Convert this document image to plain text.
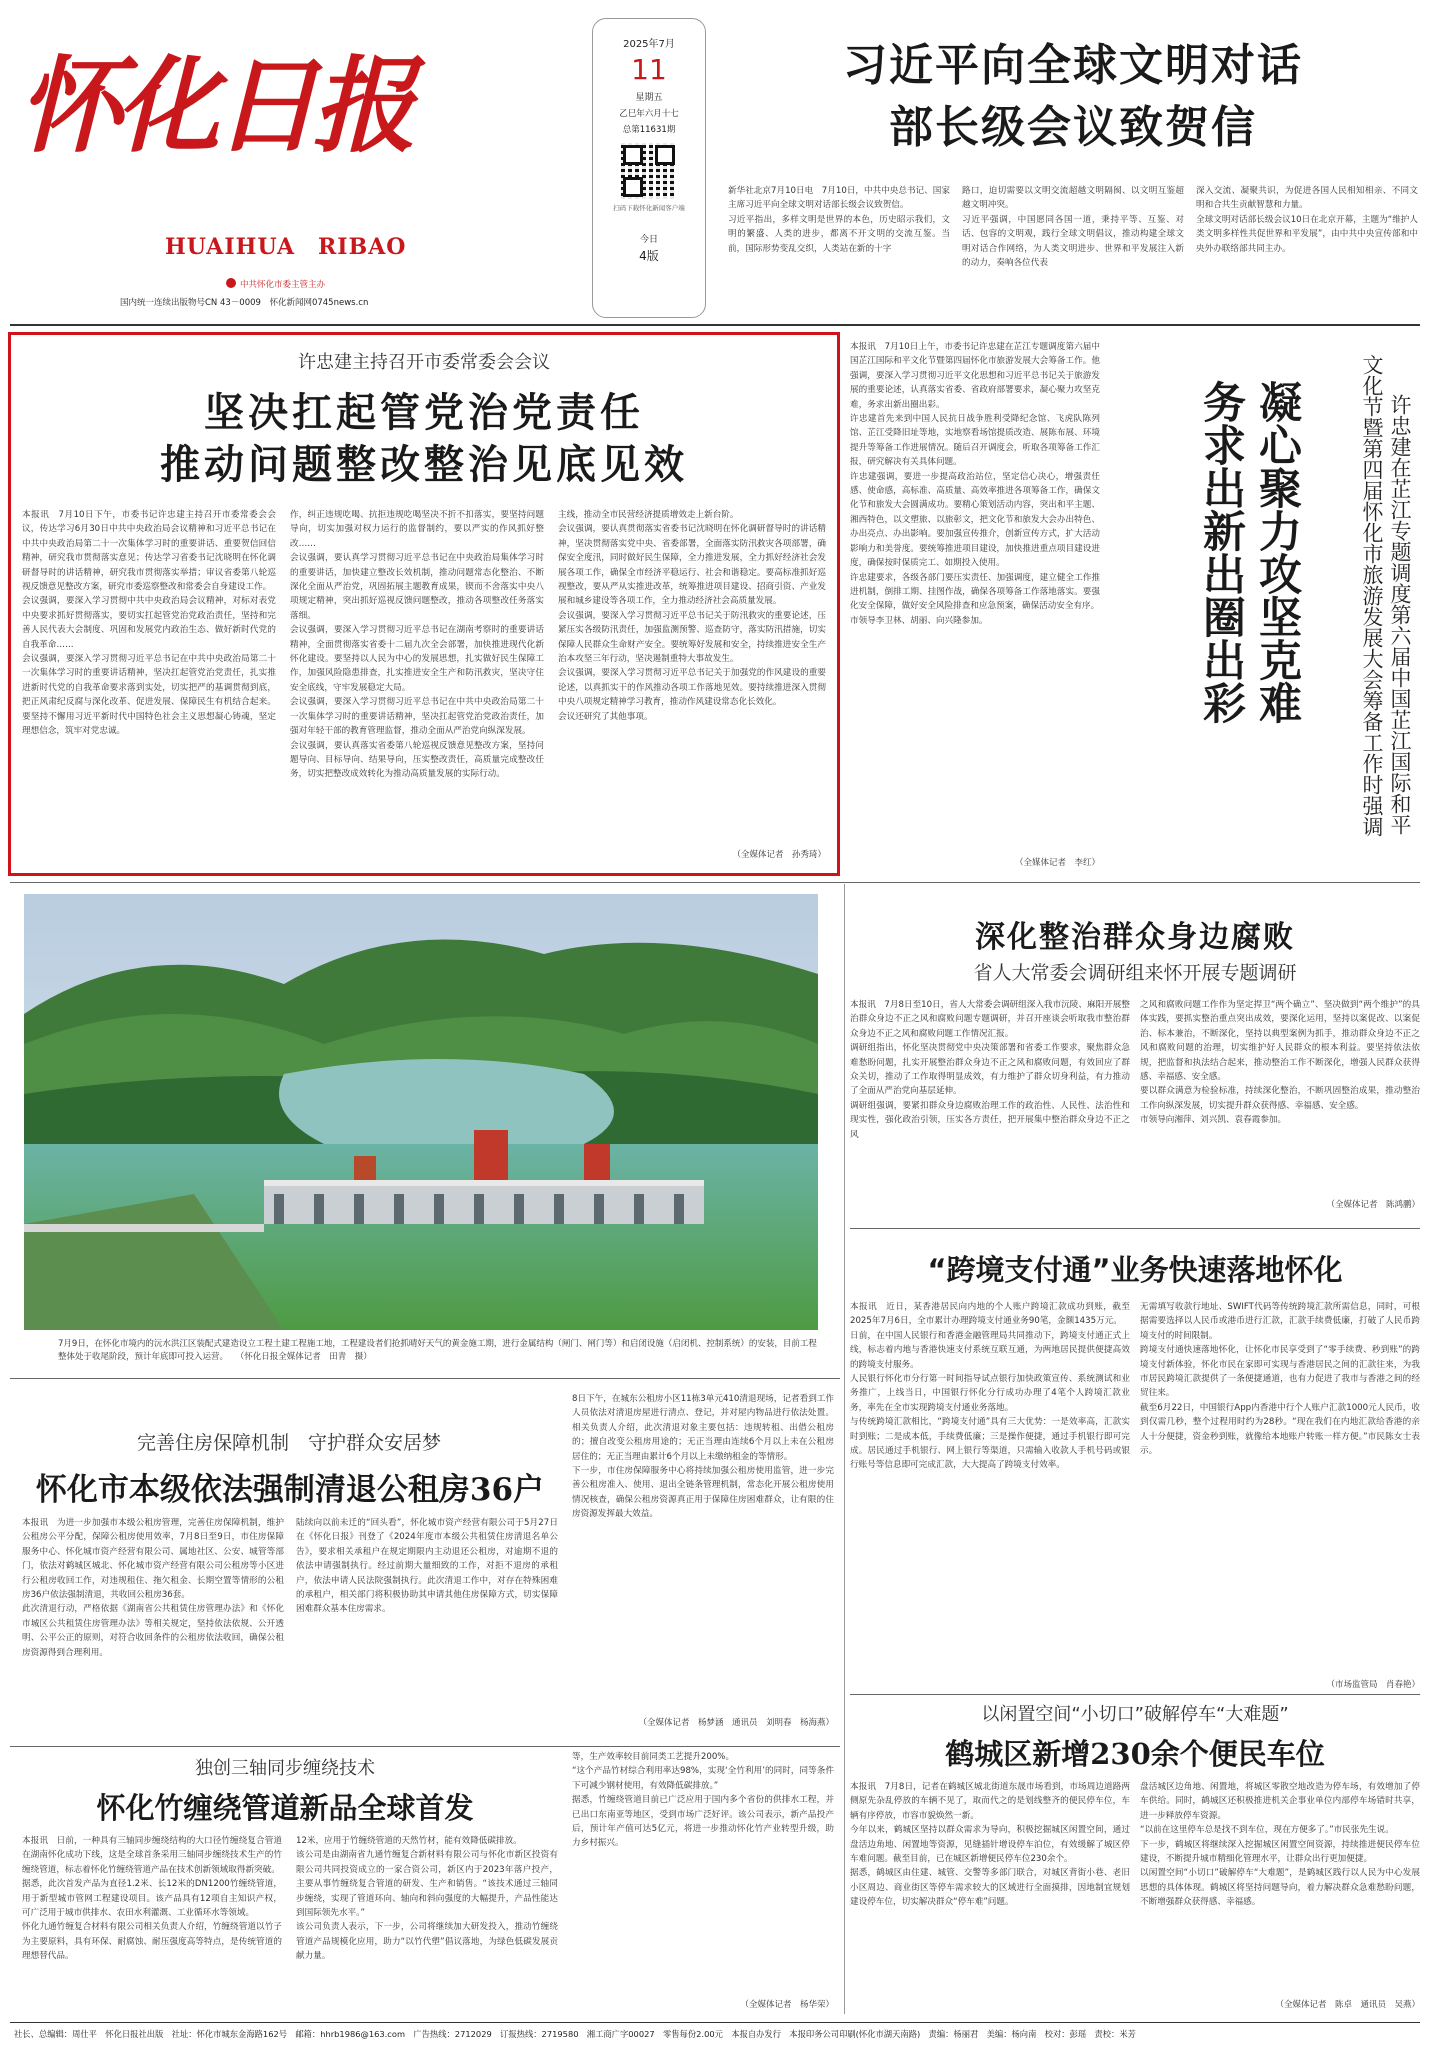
怀化日报
HUAIHUA　RIBAO
中共怀化市委主管主办
国内统一连续出版物号CN 43－0009　怀化新闻网0745news.cn
2025年7月
11
星期五
乙巳年六月十七
总第11631期
扫码下载怀化新闻客户端
今日
4版
习近平向全球文明对话
部长级会议致贺信
新华社北京7月10日电　7月10日，中共中央总书记、国家主席习近平向全球文明对话部长级会议致贺信。
习近平指出，多样文明是世界的本色，历史昭示我们，文明的繁盛、人类的进步，都离不开文明的交流互鉴。当前，国际形势变乱交织，人类站在新的十字
路口，迫切需要以文明交流超越文明隔阂、以文明互鉴超越文明冲突。
习近平强调，中国愿同各国一道，秉持平等、互鉴、对话、包容的文明观，践行全球文明倡议，推动构建全球文明对话合作网络，为人类文明进步、世界和平发展注入新的动力，奏响各位代表
深入交流、凝聚共识，为促进各国人民相知相亲、不同文明和合共生贡献智慧和力量。
全球文明对话部长级会议10日在北京开幕，主题为“维护人类文明多样性共促世界和平发展”，由中共中央宣传部和中央外办联络部共同主办。
许忠建主持召开市委常委会会议
坚决扛起管党治党责任
推动问题整改整治见底见效
本报讯　7月10日下午，市委书记许忠建主持召开市委常委会会议，传达学习6月30日中共中央政治局会议精神和习近平总书记在中共中央政治局第二十一次集体学习时的重要讲话、重要贺信回信精神，研究我市贯彻落实意见；传达学习省委书记沈晓明在怀化调研督导时的讲话精神，研究我市贯彻落实举措；审议省委第八轮巡视反馈意见整改方案，研究市委巡察整改和常委会自身建设工作。
会议强调，要深入学习贯彻中共中央政治局会议精神，对标对表党中央要求抓好贯彻落实，要切实扛起管党治党政治责任，坚持和完善人民代表大会制度、巩固和发展党内政治生态、做好新时代党的自我革命……
会议强调，要深入学习贯彻习近平总书记在中共中央政治局第二十一次集体学习时的重要讲话精神，坚决扛起管党治党责任，扎实推进新时代党的自我革命要求落到实处，切实把严的基调贯彻到底，把正风肃纪反腐与深化改革、促进发展、保障民生有机结合起来。要坚持不懈用习近平新时代中国特色社会主义思想凝心铸魂，坚定理想信念，筑牢对党忠诚。
作，纠正违规吃喝、抗拒违规吃喝坚决不折不扣落实，要坚持问题导向，切实加强对权力运行的监督制约，要以严实的作风抓好整改……
会议强调，要认真学习贯彻习近平总书记在中央政治局集体学习时的重要讲话，加快建立整改长效机制，推动问题常态化整治、不断深化全面从严治党，巩固拓展主题教育成果，锲而不舍落实中央八项规定精神，突出抓好巡视反馈问题整改，推动各项整改任务落实落细。
会议强调，要深入学习贯彻习近平总书记在湖南考察时的重要讲话精神，全面贯彻落实省委十二届九次全会部署，加快推进现代化新怀化建设。要坚持以人民为中心的发展思想，扎实做好民生保障工作，加强风险隐患排查，扎实推进安全生产和防汛救灾，坚决守住安全底线，守牢发展稳定大局。
会议强调，要深入学习贯彻习近平总书记在中共中央政治局第二十一次集体学习时的重要讲话精神，坚决扛起管党治党政治责任，加强对年轻干部的教育管理监督，推动全面从严治党向纵深发展。
会议强调，要认真落实省委第八轮巡视反馈意见整改方案，坚持问题导向、目标导向、结果导向，压实整改责任，高质量完成整改任务，切实把整改成效转化为推动高质量发展的实际行动。
主线，推动全市民营经济提质增效走上新台阶。
会议强调，要认真贯彻落实省委书记沈晓明在怀化调研督导时的讲话精神，坚决贯彻落实党中央、省委部署，全面落实防汛救灾各项部署，确保安全度汛，同时做好民生保障，全力推进发展，全力抓好经济社会发展各项工作，确保全市经济平稳运行、社会和谐稳定。要高标准抓好巡视整改，要从严从实推进改革，统筹推进项目建设、招商引资、产业发展和城乡建设等各项工作，全力推动经济社会高质量发展。
会议强调，要深入学习贯彻习近平总书记关于防汛救灾的重要论述，压紧压实各级防汛责任，加强监测预警、巡查防守，落实防汛措施，切实保障人民群众生命财产安全。要统筹好发展和安全，持续推进安全生产治本攻坚三年行动，坚决遏制重特大事故发生。
会议强调，要深入学习贯彻习近平总书记关于加强党的作风建设的重要论述，以真抓实干的作风推动各项工作落地见效。要持续推进深入贯彻中央八项规定精神学习教育，推动作风建设常态化长效化。
会议还研究了其他事项。
（全媒体记者　孙秀琦）
本报讯　7月10日上午，市委书记许忠建在芷江专题调度第六届中国芷江国际和平文化节暨第四届怀化市旅游发展大会筹备工作。他强调，要深入学习贯彻习近平文化思想和习近平总书记关于旅游发展的重要论述，认真落实省委、省政府部署要求，凝心聚力攻坚克难，务求出新出圈出彩。
许忠建首先来到中国人民抗日战争胜利受降纪念馆、飞虎队陈列馆、芷江受降旧址等地，实地察看场馆提质改造、展陈布展、环境提升等筹备工作进展情况。随后召开调度会，听取各项筹备工作汇报，研究解决有关具体问题。
许忠建强调，要进一步提高政治站位，坚定信心决心，增强责任感、使命感，高标准、高质量、高效率推进各项筹备工作，确保文化节和旅发大会圆满成功。要精心策划活动内容，突出和平主题、湘西特色，以文塑旅、以旅彰文，把文化节和旅发大会办出特色、办出亮点、办出影响。要加强宣传推介，创新宣传方式，扩大活动影响力和美誉度。要统筹推进项目建设，加快推进重点项目建设进度，确保按时保质完工、如期投入使用。
许忠建要求，各级各部门要压实责任、加强调度，建立健全工作推进机制，倒排工期、挂图作战，确保各项筹备工作落地落实。要强化安全保障，做好安全风险排查和应急预案，确保活动安全有序。
市领导李卫林、胡丽、向兴隆参加。
（全媒体记者　李红）
凝心聚力攻坚克难
务求出新出圈出彩	许忠建在芷江专题调度第六届中国芷江国际和平
文化节暨第四届怀化市旅游发展大会筹备工作时强调
7月9日，在怀化市境内的沅水洪江区装配式建造设立工程土建工程施工地，工程建设者们抢抓晴好天气的黄金施工期，进行金属结构（闸门、闸门等）和启闭设施（启闭机、控制系统）的安装，目前工程整体处于收尾阶段，预计年底即可投入运营。 （怀化日报全媒体记者　田青　摄）
深化整治群众身边腐败
省人大常委会调研组来怀开展专题调研
本报讯　7月8日至10日，省人大常委会调研组深入我市沅陵、麻阳开展整治群众身边不正之风和腐败问题专题调研，并召开座谈会听取我市整治群众身边不正之风和腐败问题工作情况汇报。
调研组指出，怀化坚决贯彻党中央决策部署和省委工作要求，聚焦群众急难愁盼问题，扎实开展整治群众身边不正之风和腐败问题，有效回应了群众关切，推动了工作取得明显成效，有力维护了群众切身利益，有力推动了全面从严治党向基层延伸。
调研组强调，要紧扣群众身边腐败治理工作的政治性、人民性、法治性和现实性，强化政治引领，压实各方责任，把开展集中整治群众身边不正之风
之风和腐败问题工作作为坚定捍卫“两个确立”、坚决做到“两个维护”的具体实践，要抓实整治重点突出成效，要深化运用，坚持以案促改、以案促治、标本兼治，不断深化，坚持以典型案例为抓手，推动群众身边不正之风和腐败问题的治理，切实维护好人民群众的根本利益。要坚持依法依规，把监督和执法结合起来，推动整治工作不断深化，增强人民群众获得感、幸福感、安全感。
要以群众满意为检验标准，持续深化整治，不断巩固整治成果，推动整治工作向纵深发展，切实提升群众获得感、幸福感、安全感。
市领导向湘萍、刘兴凯、袁春霞参加。
（全媒体记者　陈鸿鹏）
“跨境支付通”业务快速落地怀化
本报讯　近日，某香港居民向内地的个人账户跨境汇款成功到账，截至2025年7月6日，全市累计办理跨境支付通业务90笔，金额1435万元。
日前，在中国人民银行和香港金融管理局共同推动下，跨境支付通正式上线，标志着内地与香港快速支付系统互联互通，为两地居民提供便捷高效的跨境支付服务。
人民银行怀化市分行第一时间指导试点银行加快政策宣传、系统测试和业务推广，上线当日，中国银行怀化分行成功办理了4笔个人跨境汇款业务，率先在全市实现跨境支付通业务落地。
与传统跨境汇款相比，“跨境支付通”具有三大优势：一是效率高，汇款实时到账；二是成本低，手续费低廉；三是操作便捷，通过手机银行即可完成。居民通过手机银行、网上银行等渠道，只需输入收款人手机号码或银行账号等信息即可完成汇款，大大提高了跨境支付效率。
无需填写收款行地址、SWIFT代码等传统跨境汇款所需信息，同时，可根据需要选择以人民币或港币进行汇款，汇款手续费低廉，打破了人民币跨境支付的时间限制。
跨境支付通快速落地怀化，让怀化市民享受到了“零手续费、秒到账”的跨境支付新体验，怀化市民在家即可实现与香港居民之间的汇款往来，为我市居民跨境汇款提供了一条便捷通道，也有力促进了我市与香港之间的经贸往来。
截至6月22日，中国银行App内香港中行个人账户汇款1000元人民币，收到仅需几秒，整个过程用时约为28秒。“现在我们在内地汇款给香港的亲人十分便捷，资金秒到账，就像给本地账户转账一样方便。”市民陈女士表示。
（市场监管局　肖春艳）
完善住房保障机制　守护群众安居梦
怀化市本级依法强制清退公租房36户
本报讯　为进一步加强市本级公租房管理，完善住房保障机制，维护公租房公平分配，保障公租房使用效率，7月8日至9日，市住房保障服务中心、怀化城市资产经营有限公司、属地社区、公安、城管等部门，依法对鹤城区城北、怀化城市资产经营有限公司公租房等小区进行公租房收回工作，对违规租住、拖欠租金、长期空置等情形的公租房36户依法强制清退，共收回公租房36套。
此次清退行动，严格依据《湖南省公共租赁住房管理办法》和《怀化市城区公共租赁住房管理办法》等相关规定，坚持依法依规、公开透明、公平公正的原则，对符合收回条件的公租房依法收回，确保公租房资源得到合理利用。
陆续向以前未迁的“回头看”，怀化城市资产经营有限公司于5月27日在《怀化日报》刊登了《2024年度市本级公共租赁住房清退名单公告》，要求相关承租户在规定期限内主动退还公租房，对逾期不退的依法申请强制执行。经过前期大量细致的工作，对拒不退房的承租户，依法申请人民法院强制执行。此次清退工作中，对存在特殊困难的承租户，相关部门将积极协助其申请其他住房保障方式，切实保障困难群众基本住房需求。
8日下午，在城东公租房小区11栋3单元410清退现场，记者看到工作人员依法对清退房屋进行清点、登记，并对屋内物品进行依法处置。相关负责人介绍，此次清退对象主要包括：违规转租、出借公租房的；擅自改变公租房用途的；无正当理由连续6个月以上未在公租房居住的；无正当理由累计6个月以上未缴纳租金的等情形。
下一步，市住房保障服务中心将持续加强公租房使用监管，进一步完善公租房准入、使用、退出全链条管理机制，常态化开展公租房使用情况核查，确保公租房资源真正用于保障住房困难群众，让有限的住房资源发挥最大效益。
（全媒体记者　杨梦涵　通讯员　刘明春　杨海燕）
独创三轴同步缠绕技术
怀化竹缠绕管道新品全球首发
本报讯　日前，一种具有三轴同步缠绕结构的大口径竹缠绕复合管道在湖南怀化成功下线，这是全球首条采用三轴同步缠绕技术生产的竹缠绕管道，标志着怀化竹缠绕管道产品在技术创新领域取得新突破。
据悉，此次首发产品为直径1.2米、长12米的DN1200竹缠绕管道，用于新型城市管网工程建设项目。该产品具有12项自主知识产权，可广泛用于城市供排水、农田水利灌溉、工业循环水等领域。
怀化九通竹缠复合材料有限公司相关负责人介绍，竹缠绕管道以竹子为主要原料，具有环保、耐腐蚀、耐压强度高等特点，是传统管道的理想替代品。
12米，应用于竹缠绕管道的天然竹材，能有效降低碳排放。
该公司是由湖南省九通竹缠复合新材料有限公司与怀化市新区投资有限公司共同投资成立的一家合资公司，新区内于2023年落户投产，主要从事竹缠绕复合管道的研发、生产和销售。“该技术通过三轴同步缠绕，实现了管道环向、轴向和斜向强度的大幅提升，产品性能达到国际领先水平。”
该公司负责人表示，下一步，公司将继续加大研发投入，推动竹缠绕管道产品规模化应用，助力“以竹代塑”倡议落地，为绿色低碳发展贡献力量。
等，生产效率较目前同类工艺提升200%。
“这个产品竹材综合利用率达98%，实现‘全竹利用’的同时，同等条件下可减少钢材使用，有效降低碳排放。”
据悉，竹缠绕管道目前已广泛应用于国内多个省份的供排水工程，并已出口东南亚等地区，受到市场广泛好评。该公司表示，新产品投产后，预计年产值可达5亿元，将进一步推动怀化竹产业转型升级，助力乡村振兴。
（全媒体记者　杨华荣）
以闲置空间“小切口”破解停车“大难题”
鹤城区新增230余个便民车位
本报讯　7月8日，记者在鹤城区城北街道东晟市场看到，市场周边道路两侧原先杂乱停放的车辆不见了，取而代之的是划线整齐的便民停车位，车辆有序停放，市容市貌焕然一新。
今年以来，鹤城区坚持以群众需求为导向，积极挖掘城区闲置空间，通过盘活边角地、闲置地等资源，见缝插针增设停车泊位，有效缓解了城区停车难问题。截至目前，已在城区新增便民停车位230余个。
据悉，鹤城区由住建、城管、交警等多部门联合，对城区背街小巷、老旧小区周边、商业街区等停车需求较大的区域进行全面摸排，因地制宜规划建设停车位，切实解决群众“停车难”问题。
盘活城区边角地、闲置地，将城区零散空地改造为停车场，有效增加了停车供给。同时，鹤城区还积极推进机关企事业单位内部停车场错时共享，进一步释放停车资源。
“以前在这里停车总是找不到车位，现在方便多了。”市民张先生说。
下一步，鹤城区将继续深入挖掘城区闲置空间资源，持续推进便民停车位建设，不断提升城市精细化管理水平，让群众出行更加便捷。
以闲置空间“小切口”破解停车“大难题”，是鹤城区践行以人民为中心发展思想的具体体现。鹤城区将坚持问题导向，着力解决群众急难愁盼问题，不断增强群众获得感、幸福感。
（全媒体记者　陈卓　通讯员　吴燕）
社长、总编辑：周仕平　怀化日报社出版　社址：怀化市城东金海路162号　邮箱：hhrb1986@163.com　广告热线：2712029　订报热线：2719580　湘工商广字00027　零售每份2.00元　本报自办发行　本报印务公司印刷(怀化市湖天南路)　责编：杨丽君　美编：杨向南　校对：彭瑶　责校：米芳
